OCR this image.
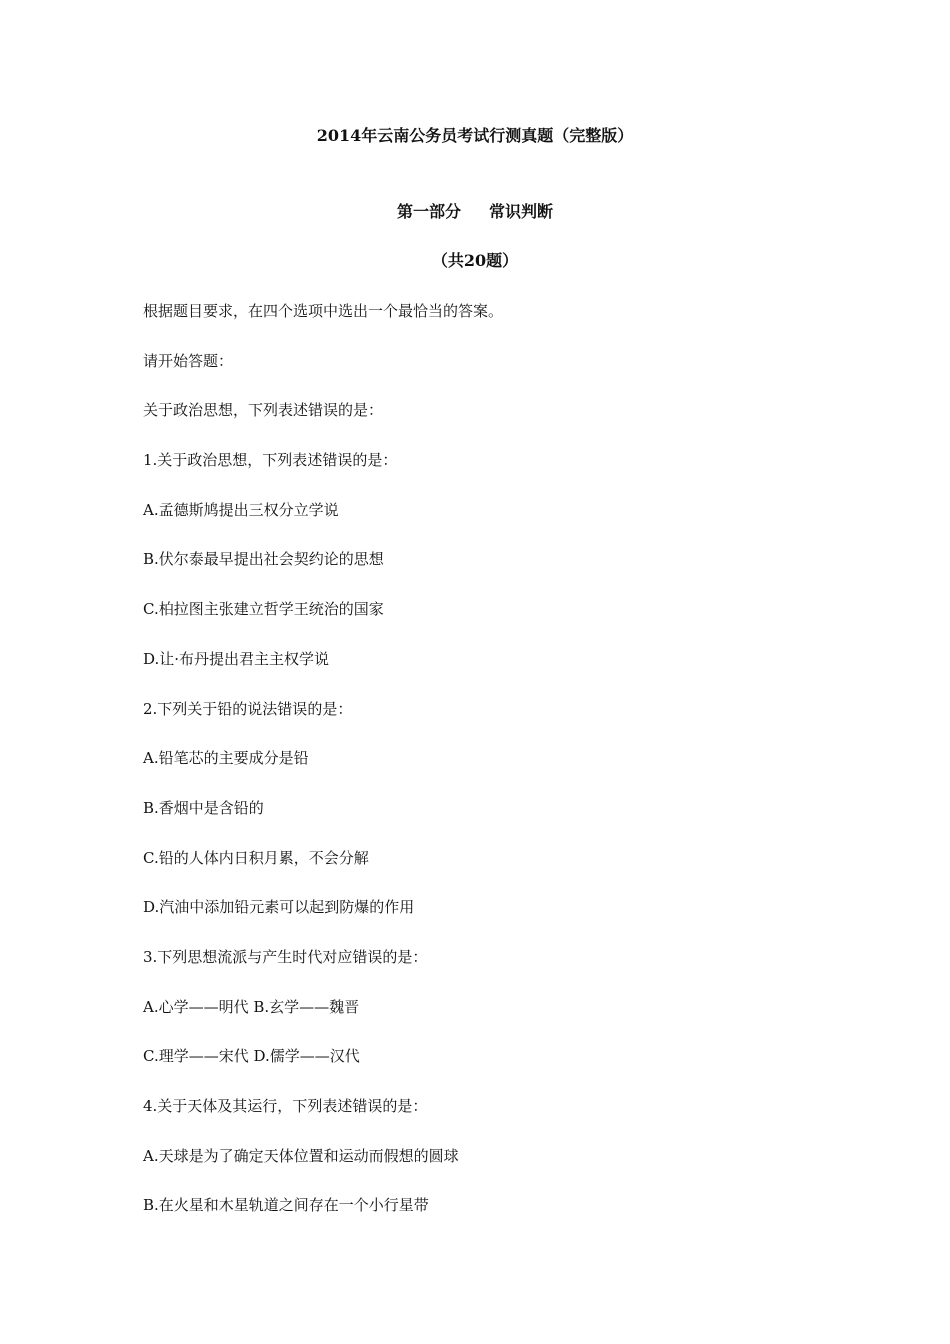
2014年云南公务员考试行测真题（完整版）
第一部分 常识判断
（共20题）
根据题目要求，在四个选项中选出一个最恰当的答案。
请开始答题：
关于政治思想，下列表述错误的是：
1.关于政治思想，下列表述错误的是：
A.孟德斯鸠提出三权分立学说
B.伏尔泰最早提出社会契约论的思想
C.柏拉图主张建立哲学王统治的国家
D.让·布丹提出君主主权学说
2.下列关于铅的说法错误的是：
A.铅笔芯的主要成分是铅
B.香烟中是含铅的
C.铅的人体内日积月累，不会分解
D.汽油中添加铅元素可以起到防爆的作用
3.下列思想流派与产生时代对应错误的是：
A.心学——明代 B.玄学——魏晋
C.理学——宋代 D.儒学——汉代
4.关于天体及其运行，下列表述错误的是：
A.天球是为了确定天体位置和运动而假想的圆球
B.在火星和木星轨道之间存在一个小行星带
